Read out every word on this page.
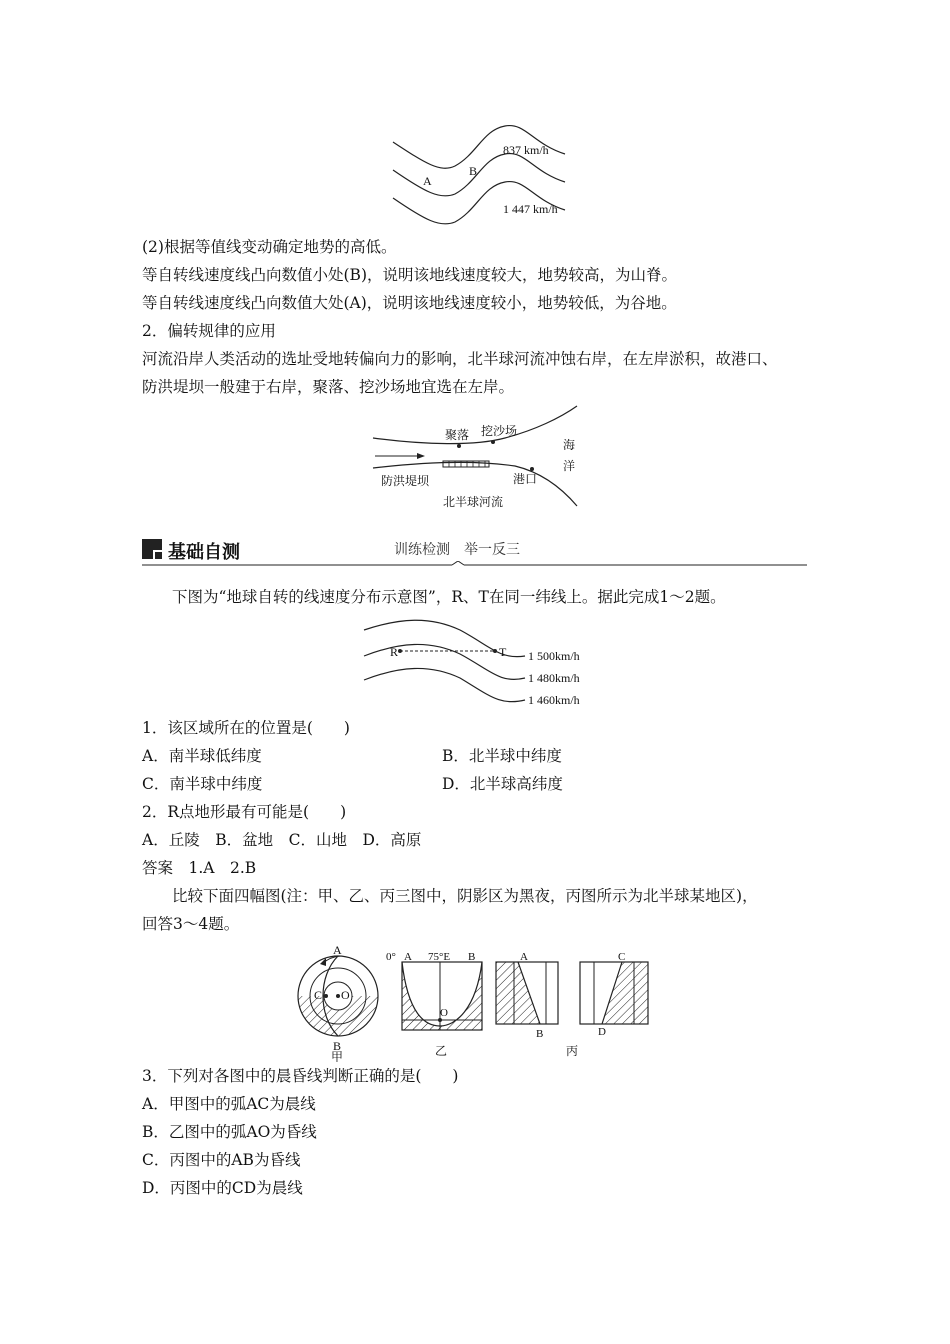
837 km/h
1 447 km/h
A
B
(2)根据等值线变动确定地势的高低。
等自转线速度线凸向数值小处(B)，说明该地线速度较大，地势较高，为山脊。
等自转线速度线凸向数值大处(A)，说明该地线速度较小，地势较低，为谷地。
2．偏转规律的应用
河流沿岸人类活动的选址受地转偏向力的影响，北半球河流冲蚀右岸，在左岸淤积，故港口、
防洪堤坝一般建于右岸，聚落、挖沙场地宜选在左岸。
聚落 挖沙场
海
洋
防洪堤坝	港口
北半球河流
基础自测	训练检测　举一反三
下图为“地球自转的线速度分布示意图”，R、T在同一纬线上。据此完成1～2题。
R	T 1 500km/h
1 480km/h
1 460km/h
1．该区域所在的位置是(　　)
A．南半球低纬度	B．北半球中纬度
C．南半球中纬度	D．北半球高纬度
2．R点地形最有可能是(　　)
A．丘陵　B．盆地　C．山地　D．高原
答案　1.A　2.B
比较下面四幅图(注：甲、乙、丙三图中，阴影区为黑夜，丙图所示为北半球某地区)，
回答3～4题。
A
B
C O
甲
0° A 75°E B
O
乙
A
B
C
D
丙
3．下列对各图中的晨昏线判断正确的是(　　)
A．甲图中的弧AC为晨线
B．乙图中的弧AO为昏线
C．丙图中的AB为昏线
D．丙图中的CD为晨线
